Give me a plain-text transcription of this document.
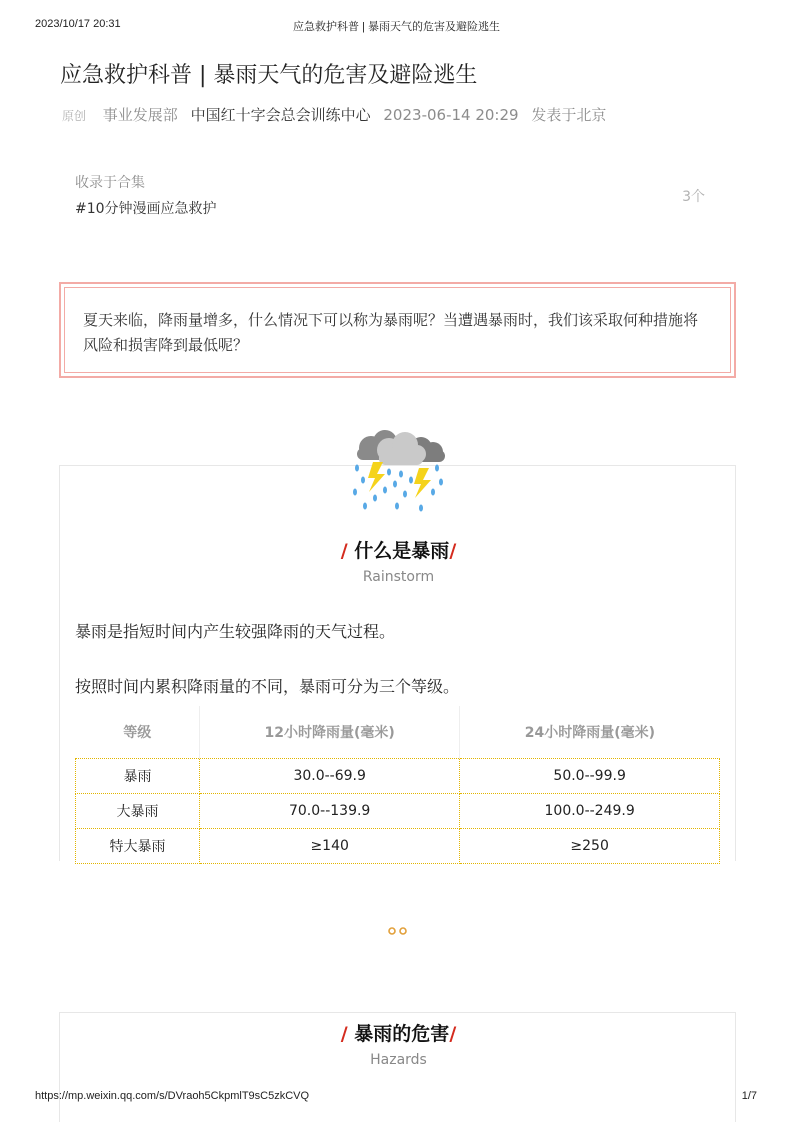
2023/10/17 20:31	应急救护科普 | 暴雨天气的危害及避险逃生
应急救护科普 | 暴雨天气的危害及避险逃生
原创 事业发展部 中国红十字会总会训练中心 2023-06-14 20:29 发表于北京
收录于合集
#10分钟漫画应急救护
3个
夏天来临，降雨量增多，什么情况下可以称为暴雨呢？当遭遇暴雨时，我们该采取何种措施将风险和损害降到最低呢？
/ 什么是暴雨/
Rainstorm
暴雨是指短时间内产生较强降雨的天气过程。
按照时间内累积降雨量的不同，暴雨可分为三个等级。
等级	12小时降雨量(毫米)	24小时降雨量(毫米)
暴雨	30.0--69.9	50.0--99.9
大暴雨	70.0--139.9	100.0--249.9
特大暴雨	≥140	≥250
/ 暴雨的危害/
Hazards
https://mp.weixin.qq.com/s/DVraoh5CkpmlT9sC5zkCVQ	1/7
